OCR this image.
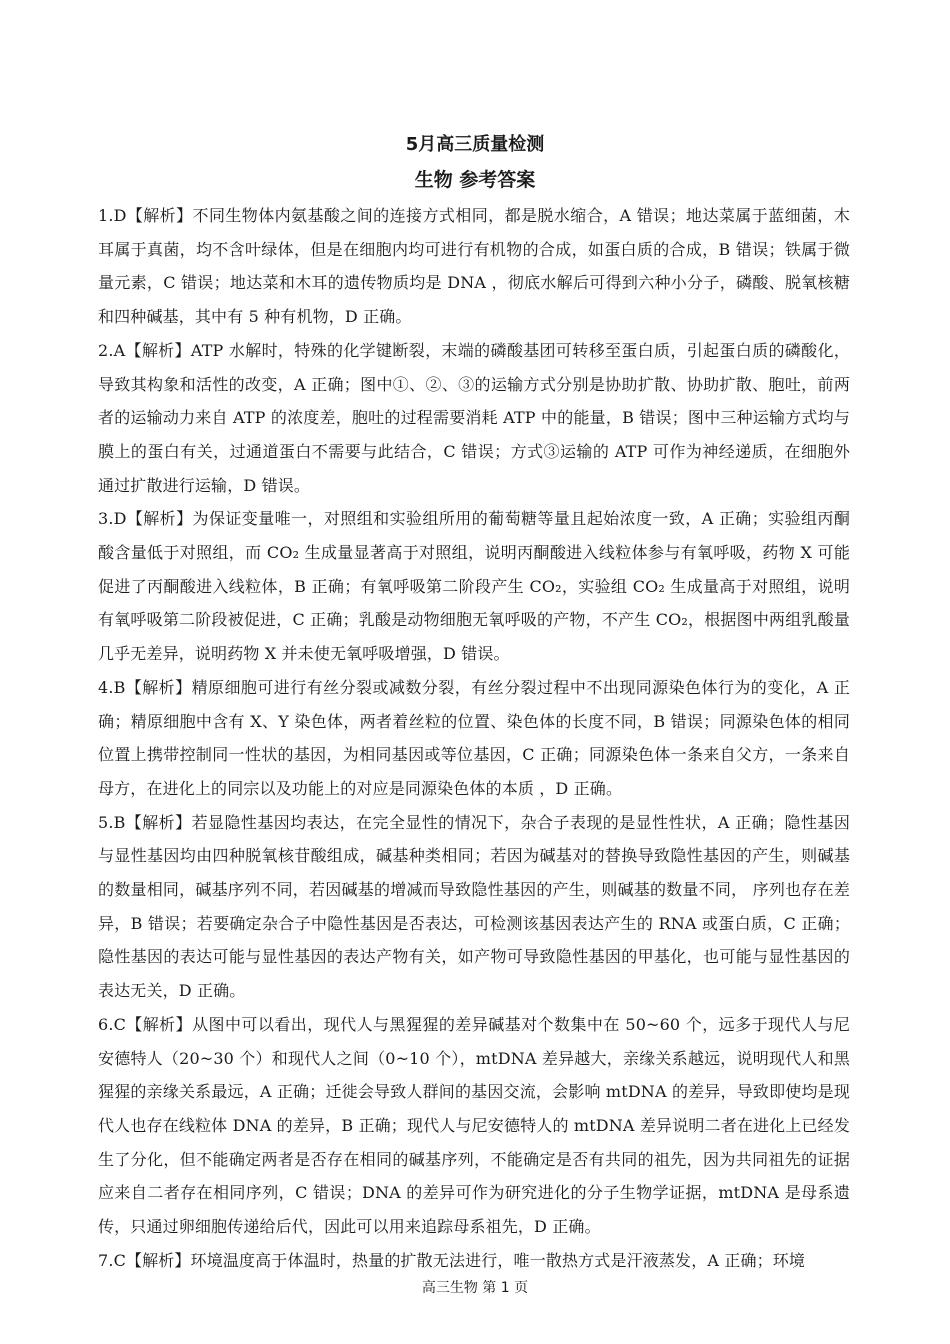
5月高三质量检测
生物 参考答案

1.D【解析】不同生物体内氨基酸之间的连接方式相同，都是脱水缩合，A 错误；地达菜属于蓝细菌，木耳属于真菌，均不含叶绿体，但是在细胞内均可进行有机物的合成，如蛋白质的合成，B 错误；铁属于微量元素，C 错误；地达菜和木耳的遗传物质均是 DNA ，彻底水解后可得到六种小分子，磷酸、脱氧核糖和四种碱基，其中有 5 种有机物，D 正确。

2.A【解析】ATP 水解时，特殊的化学键断裂，末端的磷酸基团可转移至蛋白质，引起蛋白质的磷酸化，导致其构象和活性的改变，A 正确；图中①、②、③的运输方式分别是协助扩散、协助扩散、胞吐，前两者的运输动力来自 ATP 的浓度差，胞吐的过程需要消耗 ATP 中的能量，B 错误；图中三种运输方式均与膜上的蛋白有关，过通道蛋白不需要与此结合，C 错误；方式③运输的 ATP 可作为神经递质，在细胞外通过扩散进行运输，D 错误。

3.D【解析】为保证变量唯一，对照组和实验组所用的葡萄糖等量且起始浓度一致，A 正确；实验组丙酮酸含量低于对照组，而 CO₂ 生成量显著高于对照组，说明丙酮酸进入线粒体参与有氧呼吸，药物 X 可能促进了丙酮酸进入线粒体，B 正确；有氧呼吸第二阶段产生 CO₂，实验组 CO₂ 生成量高于对照组，说明有氧呼吸第二阶段被促进，C 正确；乳酸是动物细胞无氧呼吸的产物，不产生 CO₂，根据图中两组乳酸量几乎无差异，说明药物 X 并未使无氧呼吸增强，D 错误。

4.B【解析】精原细胞可进行有丝分裂或减数分裂，有丝分裂过程中不出现同源染色体行为的变化，A 正确；精原细胞中含有 X、Y 染色体，两者着丝粒的位置、染色体的长度不同，B 错误；同源染色体的相同位置上携带控制同一性状的基因，为相同基因或等位基因，C 正确；同源染色体一条来自父方，一条来自母方，在进化上的同宗以及功能上的对应是同源染色体的本质 ，D 正确。

5.B【解析】若显隐性基因均表达，在完全显性的情况下，杂合子表现的是显性性状，A 正确；隐性基因与显性基因均由四种脱氧核苷酸组成，碱基种类相同；若因为碱基对的替换导致隐性基因的产生，则碱基的数量相同，碱基序列不同，若因碱基的增减而导致隐性基因的产生，则碱基的数量不同， 序列也存在差异，B 错误；若要确定杂合子中隐性基因是否表达，可检测该基因表达产生的 RNA 或蛋白质，C 正确；隐性基因的表达可能与显性基因的表达产物有关，如产物可导致隐性基因的甲基化，也可能与显性基因的表达无关，D 正确。

6.C【解析】从图中可以看出，现代人与黑猩猩的差异碱基对个数集中在 50~60 个，远多于现代人与尼安德特人（20~30 个）和现代人之间（0~10 个），mtDNA 差异越大，亲缘关系越远，说明现代人和黑猩猩的亲缘关系最远，A 正确；迁徙会导致人群间的基因交流，会影响 mtDNA 的差异，导致即使均是现代人也存在线粒体 DNA 的差异，B 正确；现代人与尼安德特人的 mtDNA 差异说明二者在进化上已经发生了分化，但不能确定两者是否存在相同的碱基序列，不能确定是否有共同的祖先，因为共同祖先的证据应来自二者存在相同序列，C 错误；DNA 的差异可作为研究进化的分子生物学证据，mtDNA 是母系遗传，只通过卵细胞传递给后代，因此可以用来追踪母系祖先，D 正确。

7.C【解析】环境温度高于体温时，热量的扩散无法进行，唯一散热方式是汗液蒸发，A 正确；环境

高三生物 第 1 页
